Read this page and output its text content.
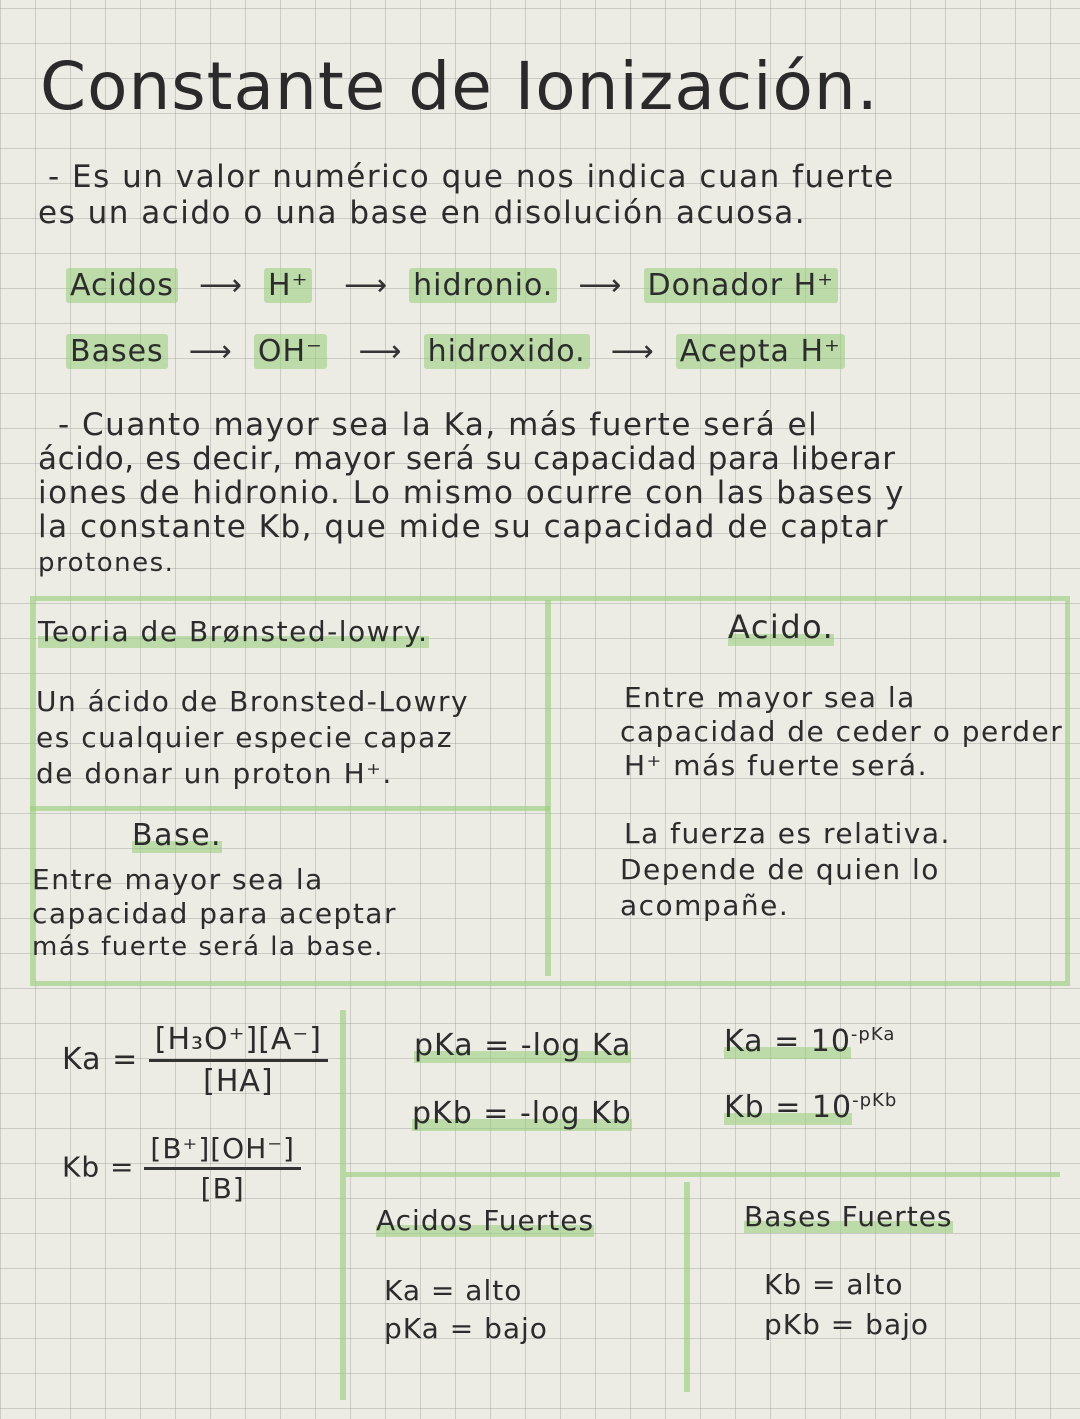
Constante de Ionización.
- Es un valor numérico que nos indica cuan fuerte
es un acido o una base en disolución acuosa.
Acidos  ⟶  H⁺   ⟶  hidronio.  ⟶  Donador H⁺
Bases  ⟶  OH⁻   ⟶  hidroxido.  ⟶  Acepta H⁺
- Cuanto mayor sea la Ka, más fuerte será el
ácido, es decir, mayor será su capacidad para liberar
iones de hidronio. Lo mismo ocurre con las bases y
la constante Kb, que mide su capacidad de captar
protones.
Teoria de Brønsted-lowry.
Un ácido de Bronsted-Lowry
es cualquier especie capaz
de donar un proton H⁺.
Acido.
Entre mayor sea la
capacidad de ceder o perder
H⁺ más fuerte será.
Base.
Entre mayor sea la
capacidad para aceptar
más fuerte será la base.
La fuerza es relativa.
Depende de quien lo
acompañe.
$Ka = \frac{\text{[H₃O⁺][A⁻]}}{[HA]}$
$Kb = \frac{[B^+][OH^-]}{[B]}$
pKa = -log Ka
pKb = -log Kb
$Ka = 10^{-pKa}$
$Kb = 10^{-pKb}$
Acidos Fuertes
Ka = alto
pKa = bajo
Bases Fuertes
Kb = alto
pKb = bajo
